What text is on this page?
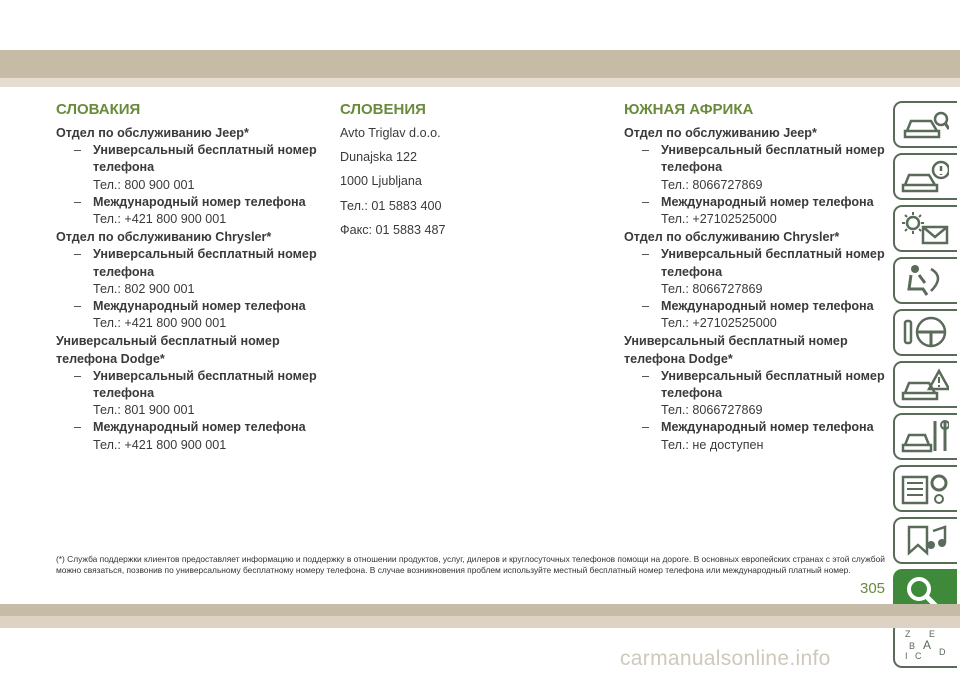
СЛОВАКИЯ
Отдел по обслуживанию Jeep*
– Универсальный бесплатный номер телефона
Тел.: 800 900 001
– Международный номер телефона
Тел.: +421 800 900 001
Отдел по обслуживанию Chrysler*
– Универсальный бесплатный номер телефона
Тел.: 802 900 001
– Международный номер телефона
Тел.: +421 800 900 001
Универсальный бесплатный номер телефона Dodge*
– Универсальный бесплатный номер телефона
Тел.: 801 900 001
– Международный номер телефона
Тел.: +421 800 900 001
СЛОВЕНИЯ
Avto Triglav d.o.o.
Dunajska 122
1000 Ljubljana
Тел.: 01 5883 400
Факс: 01 5883 487
ЮЖНАЯ АФРИКА
Отдел по обслуживанию Jeep*
– Универсальный бесплатный номер телефона
Тел.: 8066727869
– Международный номер телефона
Тел.: +27102525000
Отдел по обслуживанию Chrysler*
– Универсальный бесплатный номер телефона
Тел.: 8066727869
– Международный номер телефона
Тел.: +27102525000
Универсальный бесплатный номер телефона Dodge*
– Универсальный бесплатный номер телефона
Тел.: 8066727869
– Международный номер телефона
Тел.: не доступен
Z E
B A
I C D
(*) Служба поддержки клиентов предоставляет информацию и поддержку в отношении продуктов, услуг, дилеров и круглосуточных телефонов помощи на дороге. В основных европейских странах с этой службой можно связаться, позвонив по универсальному бесплатному номеру телефона. В случае возникновения проблем используйте местный бесплатный номер телефона или международный платный номер.
305
carmanualsonline.info
